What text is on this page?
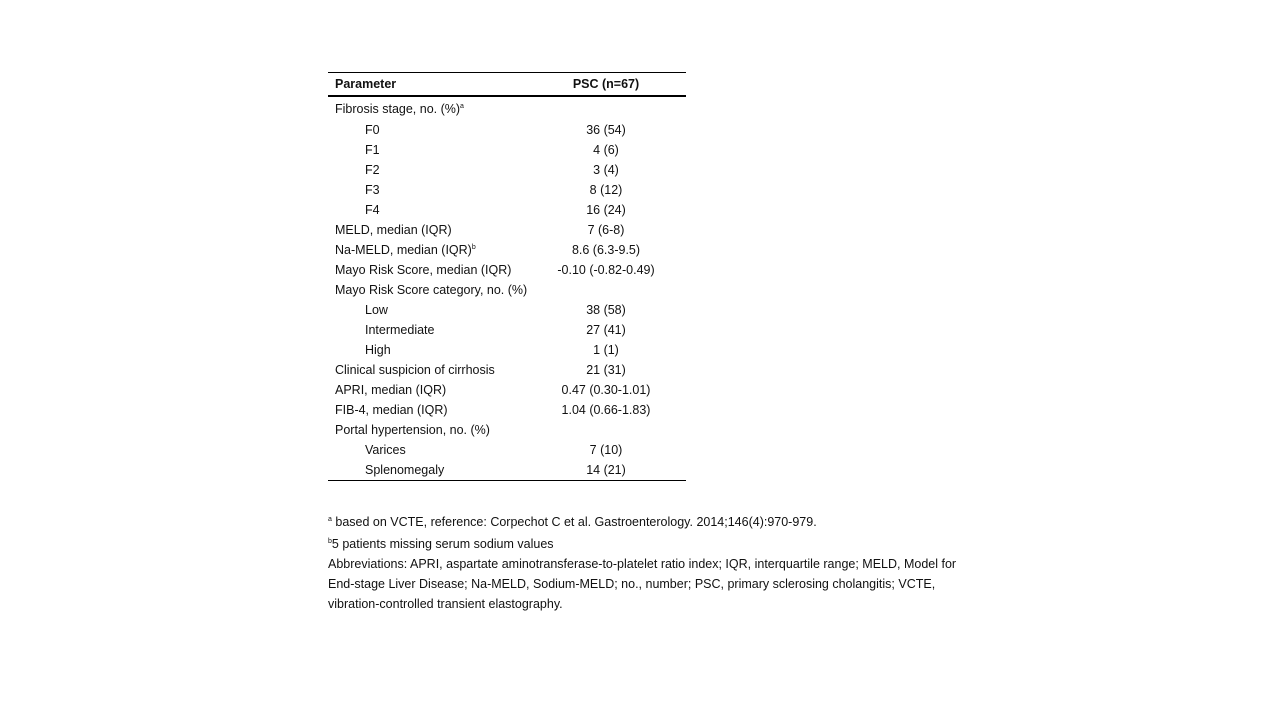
Parameter	PSC (n=67)
Fibrosis stage, no. (%)$^a$
F0	36 (54)
F1	4 (6)
F2	3 (4)
F3	8 (12)
F4	16 (24)
MELD, median (IQR)	7 (6-8)
Na-MELD, median (IQR)$^b$	8.6 (6.3-9.5)
Mayo Risk Score, median (IQR)	-0.10 (-0.82-0.49)
Mayo Risk Score category, no. (%)
Low	38 (58)
Intermediate	27 (41)
High	1 (1)
Clinical suspicion of cirrhosis	21 (31)
APRI, median (IQR)	0.47 (0.30-1.01)
FIB-4, median (IQR)	1.04 (0.66-1.83)
Portal hypertension, no. (%)
Varices	7 (10)
Splenomegaly	14 (21)

$^a$ based on VCTE, reference: Corpechot C et al. Gastroenterology. 2014;146(4):970-979.

$^b$5 patients missing serum sodium values

Abbreviations: APRI, aspartate aminotransferase-to-platelet ratio index; IQR, interquartile range; MELD, Model for End-stage Liver Disease; Na-MELD, Sodium-MELD; no., number; PSC, primary sclerosing cholangitis; VCTE, vibration-controlled transient elastography.
